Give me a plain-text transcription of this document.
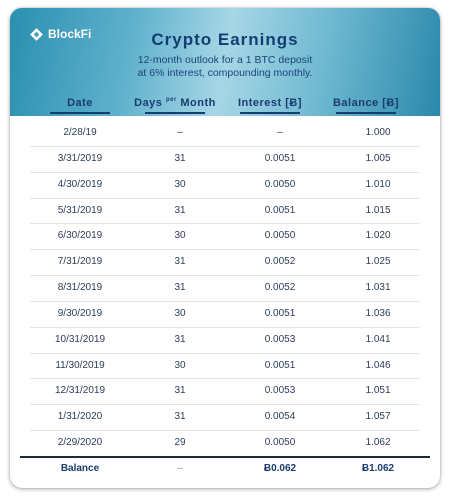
BlockFi	Crypto Earnings
12-month outlook for a 1 BTC deposit
at 6% interest, compounding monthly.
Date	Days $^{per}$ Month	Interest [Ƀ]	Balance [Ƀ]
2/28/19	–	–	1.000
3/31/2019	31	0.0051	1.005
4/30/2019	30	0.0050	1.010
5/31/2019	31	0.0051	1.015
6/30/2019	30	0.0050	1.020
7/31/2019	31	0.0052	1.025
8/31/2019	31	0.0052	1.031
9/30/2019	30	0.0051	1.036
10/31/2019	31	0.0053	1.041
11/30/2019	30	0.0051	1.046
12/31/2019	31	0.0053	1.051
1/31/2020	31	0.0054	1.057
2/29/2020	29	0.0050	1.062
Balance	–	Ƀ0.062	Ƀ1.062
